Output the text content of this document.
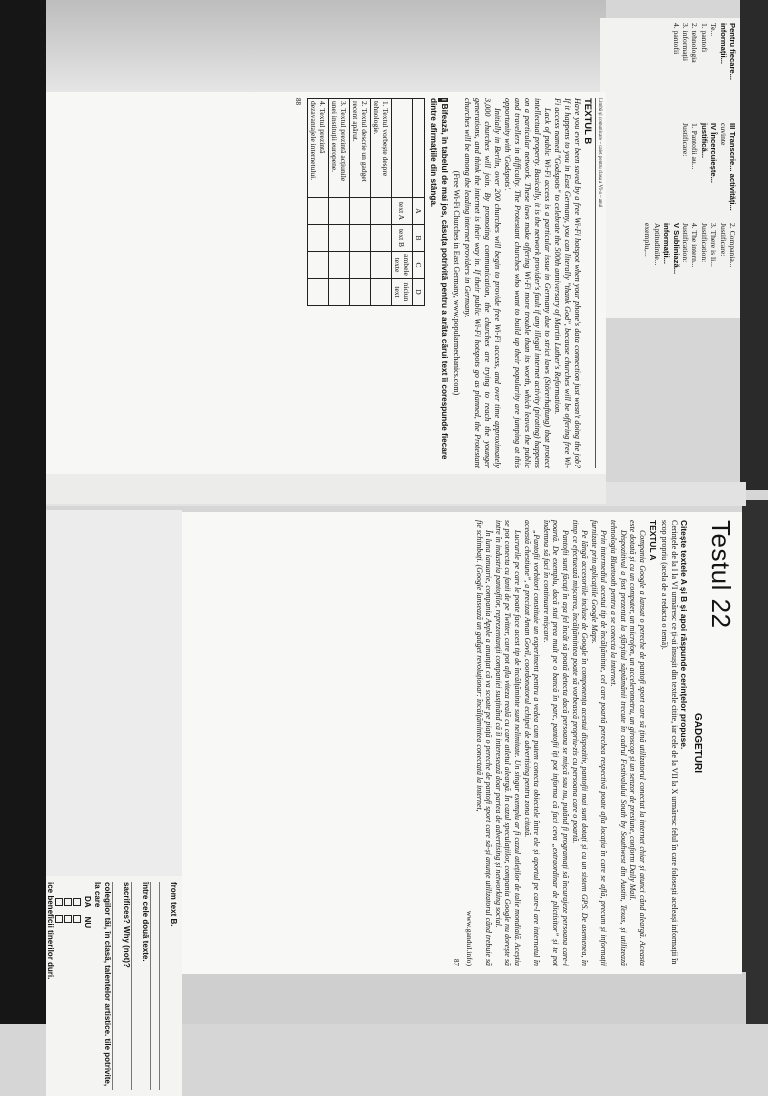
Pentru fiecare... informații...
Te...
1. pantofi
2. tehnologia
3. informații
4. pantofii
III Transcrie... activități...
cuvinte
IV Încercuiește... justifică...
1. Pantofii au...
Justificare:
2. Compania...
Justificare:
3. There is li...
Justification:
4. The intern...
Justification:
V Subliniază... informații...
Aptitudinile...
exemplu,...
Limbă și comunicare – caiet pentru clasa a VI-a – anul
TEXTUL B

Have you ever been saved by a free Wi-Fi hotspot when your phone's data connection just wasn't doing the job? If it happens to you in East Germany, you can literally "thank God", because churches will be offering free Wi-Fi access named "Godspots" to celebrate the 500th anniversary of Martin Luther's Reformation.

Lack of public Wi-Fi access is a particular issue in Germany due to strict laws (Störerhaftung) that protect intellectual property. Basically, it is the network provider's fault if any illegal internet activity (pirating) happens on a particular network. These laws make offering Wi-Fi more trouble than its worth, which leaves the public and travellers in difficulty. The Protestant churches who want to build up their popularity are jumping at this opportunity with 'Godspots'.

Initially in Berlin, over 200 churches will begin to provide free Wi-Fi access, and over time approximately 3,000 churches will join. By promoting communication, the churches are trying to reach the younger generations, and think the internet is their way in. If their public Wi-Fi hotspots go as planned, the Protestant churches will be among the leading internet providers in Germany.

(Free Wi-Fi Churches in East Germany, www.popularmechanics.com)
IBifează, în tabelul de mai jos, căsuța potrivită pentru a arăta cărui text îi corespunde fiecare dintre afirmațiile din stânga.
	A	B	C	D
	text A	text B	ambele texte	niciun text
1. Textul vorbește despre tehnologie.				
2. Textul descrie un gadget recent apărut.				
3. Textul prezintă acțiunile unei instituții europene.				
4. Textul prezintă dezavantajele internetului.				
88
Testul 22
GADGETURI
Citește textele A și B și apoi răspunde cerințelor propuse.
Cerințele de la I la VI urmăresc ce ți-ai însușit din textele citite, iar cele de la VII la X urmăresc felul în care folosești aceleași informații în scop propriu (acela de a redacta o temă).
TEXTUL A

Compania Google a lansat o pereche de pantofi sport care să țină utilizatorul conectat la internet chiar și atunci când aleargă. Aceasta este dotată și cu un computer, un microfon, un accelerometru, un giroscop și un senzor de presiune, conform Daily Mail.

Dispozitivul a fost prezentat la sfârșitul săptămânii trecute în cadrul Festivalului South by Southwest din Austin, Texas, și utilizează tehnologia Bluetooth pentru a se conecta la internet.

Prin intermediul acestui tip de încălțăminte, cel care poartă perechea respectivă poate afla locația în care se află, precum și informații furnizate prin aplicațiile Google Maps.

Pe lângă accesoriile incluse de Google în componența acestui dispozitiv, pantofii mai sunt dotați și cu un sistem GPS. De asemenea, în timp ce efectuează mișcarea, încălțămintea poate să vorbească propriu-zis cu persoana care o poartă.

Pantofii sunt făcuți în așa fel încât să poată detecta dacă persoana se mișcă sau nu, putând fi programați să încurajeze persoana care-i poartă. De exemplu, dacă stai prea mult pe o bancă în parc, pantofii îți pot informa că faci ceva „extraordinar de plictisitor” și te pot îndemna să faci în continuare mișcare.

„Pantofii vorbitori constituie un experiment pentru a vedea cum putem conecta obiectele între ele și aportul pe care-l are internetul în această chestiune”, a precizat Aman Govil, coordonatorul echipei de advertising pentru zona citată.

Lucrurile pe care le poate face acest tip de încălțăminte sunt nelimitate. Un singur exemplu ar fi cazul atleților de talie mondială. Aceștia se pot conecta cu fanii de pe Twitter, care pot afla viteza reală cu care atletul aleargă. În cazul speculațiilor, compania Google nu dorește să intre în industria pantofilor, reprezentanții companiei susținând că îi interesează doar partea de advertising și networking social.

În luna ianuarie, compania Apple a anunțat că va scoate pe piață o pereche de pantofi sport care să-și anunțe utilizatorul când trebuie să fie schimbați. (Google lansează un gadget revoluționar: încălțămintea conectată la internet,

www.gandul.info)
87
from text B.
între cele două texte.
sacrifices? Why (not)?
colegilor tăi, în clasă, talentelor artistice. tile potrivite, la care
DA
NU
ice beneficii tinerilor duri.
